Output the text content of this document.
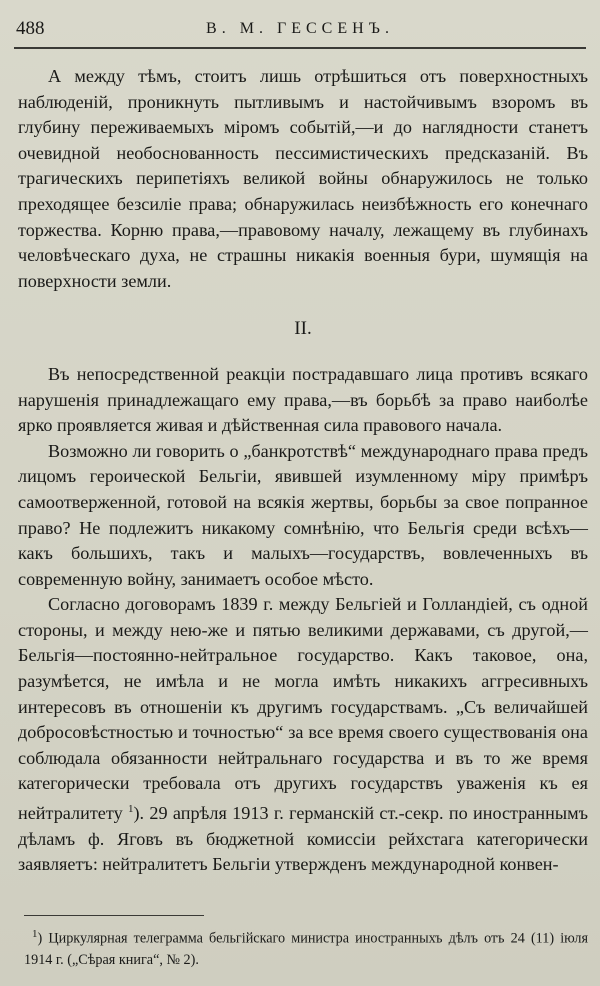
488	В. М. ГЕССЕНЪ.

А между тѣмъ, стоитъ лишь отрѣшиться отъ поверхностныхъ наблюденій, проникнуть пытливымъ и настойчивымъ взоромъ въ глубину переживаемыхъ міромъ событій,—и до наглядности станетъ очевидной необоснованность пессимистическихъ предсказаній. Въ трагическихъ перипетіяхъ великой войны обнаружилось не только преходящее безсиліе права; обнаружилась неизбѣжность его конечнаго торжества. Корню права,—правовому началу, лежащему въ глубинахъ человѣческаго духа, не страшны никакія военныя бури, шумящія на поверхности земли.

II.

Въ непосредственной реакціи пострадавшаго лица противъ всякаго нарушенія принадлежащаго ему права,—въ борьбѣ за право наиболѣе ярко проявляется живая и дѣйственная сила правового начала.

Возможно ли говорить о „банкротствѣ“ международнаго права предъ лицомъ героической Бельгіи, явившей изумленному міру примѣръ самоотверженной, готовой на всякія жертвы, борьбы за свое попранное право? Не подлежитъ никакому сомнѣнію, что Бельгія среди всѣхъ—какъ большихъ, такъ и малыхъ—государствъ, вовлеченныхъ въ современную войну, занимаетъ особое мѣсто.

Согласно договорамъ 1839 г. между Бельгіей и Голландіей, съ одной стороны, и между нею-же и пятью великими державами, съ другой,—Бельгія—постоянно-нейтральное государство. Какъ таковое, она, разумѣется, не имѣла и не могла имѣть никакихъ аггресивныхъ интересовъ въ отношеніи къ другимъ государствамъ. „Съ величайшей добросовѣстностью и точностью“ за все время своего существованія она соблюдала обязанности нейтральнаго государства и въ то же время категорически требовала отъ другихъ государствъ уваженія къ ея нейтралитету $^1$). 29 апрѣля 1913 г. германскій ст.-секр. по иностраннымъ дѣламъ ф. Яговъ въ бюджетной комиссіи рейхстага категорически заявляетъ: нейтралитетъ Бельгіи утвержденъ международной конвен-

$^1$) Циркулярная телеграмма бельгійскаго министра иностранныхъ дѣлъ отъ 24 (11) іюля 1914 г. („Сѣрая книга“, № 2).
